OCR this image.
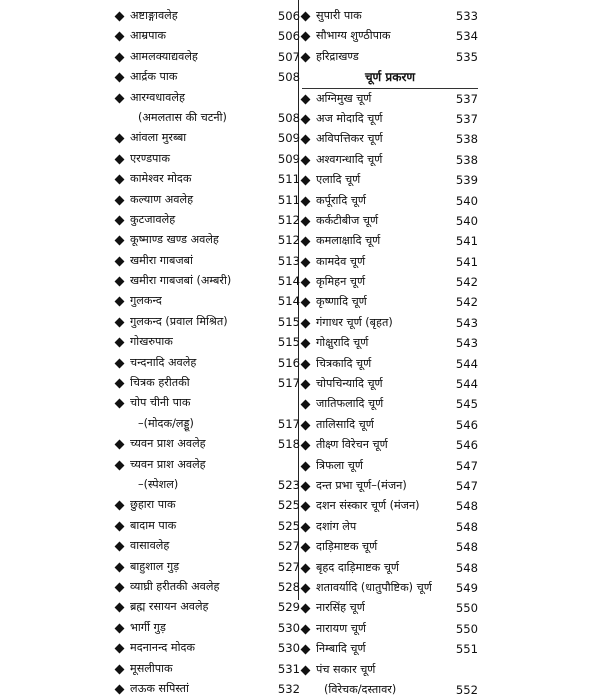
अष्टाङ्गावलेह	506
आम्रपाक	506
आमलक्याद्यवलेह	507
आर्द्रक पाक	508
आरग्वधावलेह
(अमलतास की चटनी)	508
आंवला मुरब्बा	509
एरण्डपाक	509
कामेश्वर मोदक	511
कल्याण अवलेह	511
कुटजावलेह	512
कूष्माण्ड खण्ड अवलेह	512
खमीरा गाबजबां	513
खमीरा गाबजबां (अम्बरी)	514
गुलकन्द	514
गुलकन्द (प्रवाल मिश्रित)	515
गोखरुपाक	515
चन्दनादि अवलेह	516
चित्रक हरीतकी	517
चोप चीनी पाक
–(मोदक/लड्डू)	517
च्यवन प्राश अवलेह	518
च्यवन प्राश अवलेह
–(स्पेशल)	523
छुहारा पाक	525
बादाम पाक	525
वासावलेह	527
बाहुशाल गुड़	527
व्याघ्री हरीतकी अवलेह	528
ब्रह्म रसायन अवलेह	529
भार्गी गुड़	530
मदनानन्द मोदक	530
मूसलीपाक	531
लऊक सपिस्तां	532
सुपारी पाक	533
सौभाग्य शुण्ठीपाक	534
हरिद्राखण्ड	535
चूर्ण प्रकरण
अग्निमुख चूर्ण	537
अज मोदादि चूर्ण	537
अविपत्तिकर चूर्ण	538
अश्वगन्धादि चूर्ण	538
एलादि चूर्ण	539
कर्पूरादि चूर्ण	540
कर्कटीबीज चूर्ण	540
कमलाक्षादि चूर्ण	541
कामदेव चूर्ण	541
कृमिहन चूर्ण	542
कृष्णादि चूर्ण	542
गंगाधर चूर्ण (बृहत)	543
गोक्षुरादि चूर्ण	543
चित्रकादि चूर्ण	544
चोपचिन्यादि चूर्ण	544
जातिफलादि चूर्ण	545
तालिसादि चूर्ण	546
तीक्ष्ण विरेचन चूर्ण	546
त्रिफला चूर्ण	547
दन्त प्रभा चूर्ण–(मंजन)	547
दशन संस्कार चूर्ण (मंजन)	548
दशांग लेप	548
दाड़िमाष्टक चूर्ण	548
बृहद दाड़िमाष्टक चूर्ण	548
शतावर्यादि (धातुपौष्टिक) चूर्ण 549
नारसिंह चूर्ण	550
नारायण चूर्ण	550
निम्बादि चूर्ण	551
पंच सकार चूर्ण
(विरेचक/दस्तावर)	552
